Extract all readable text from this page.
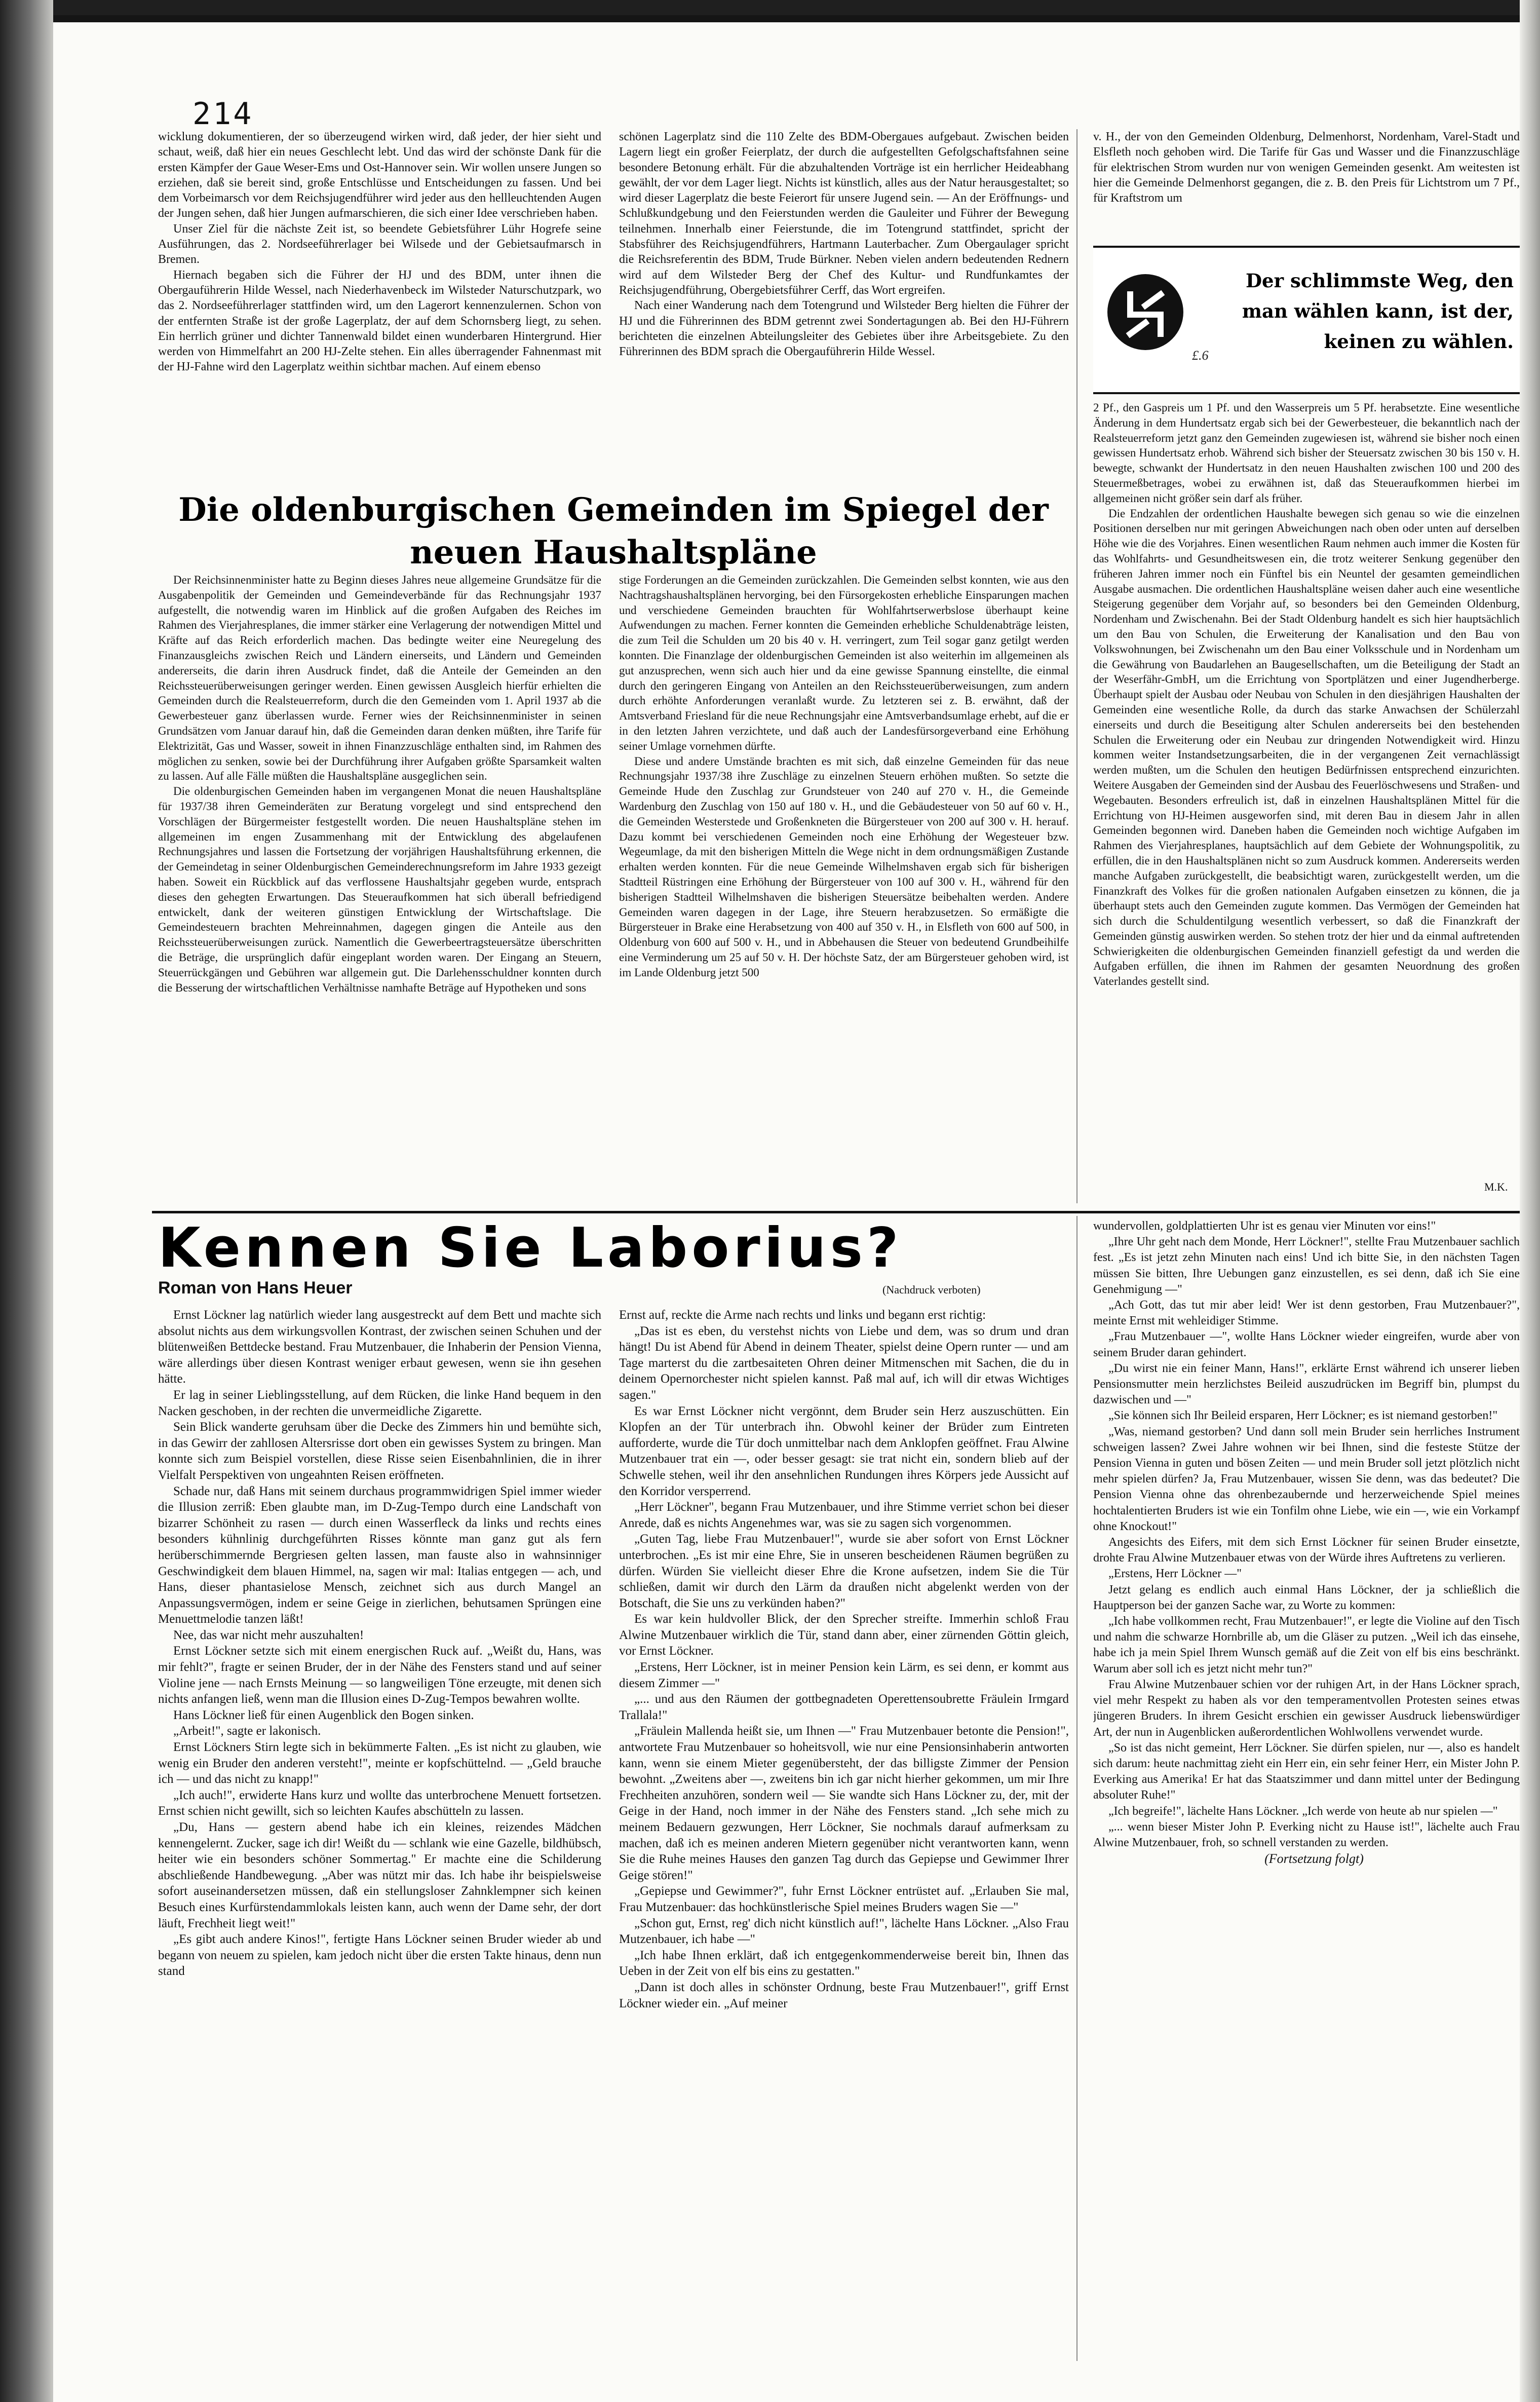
214

wicklung dokumentieren, der so überzeugend wirken wird, daß jeder, der hier sieht und schaut, weiß, daß hier ein neues Geschlecht lebt. Und das wird der schönste Dank für die ersten Kämpfer der Gaue Weser-Ems und Ost-Hannover sein. Wir wollen unsere Jungen so erziehen, daß sie bereit sind, große Entschlüsse und Entscheidungen zu fassen. Und bei dem Vorbeimarsch vor dem Reichsjugendführer wird jeder aus den hellleuchtenden Augen der Jungen sehen, daß hier Jungen aufmarschieren, die sich einer Idee verschrieben haben.

Unser Ziel für die nächste Zeit ist, so beendete Gebietsführer Lühr Hogrefe seine Ausführungen, das 2. Nordseeführerlager bei Wilsede und der Gebietsaufmarsch in Bremen.

Hiernach begaben sich die Führer der HJ und des BDM, unter ihnen die Obergauführerin Hilde Wessel, nach Niederhavenbeck im Wilsteder Naturschutzpark, wo das 2. Nordseeführerlager stattfinden wird, um den Lagerort kennenzulernen. Schon von der entfernten Straße ist der große Lagerplatz, der auf dem Schornsberg liegt, zu sehen. Ein herrlich grüner und dichter Tannenwald bildet einen wunderbaren Hintergrund. Hier werden von Himmelfahrt an 200 HJ-Zelte stehen. Ein alles überragender Fahnenmast mit der HJ-Fahne wird den Lagerplatz weithin sichtbar machen. Auf einem ebenso

schönen Lagerplatz sind die 110 Zelte des BDM-Obergaues aufgebaut. Zwischen beiden Lagern liegt ein großer Feierplatz, der durch die aufgestellten Gefolgschaftsfahnen seine besondere Betonung erhält. Für die abzuhaltenden Vorträge ist ein herrlicher Heideabhang gewählt, der vor dem Lager liegt. Nichts ist künstlich, alles aus der Natur herausgestaltet; so wird dieser Lagerplatz die beste Feierort für unsere Jugend sein. — An der Eröffnungs- und Schlußkundgebung und den Feierstunden werden die Gauleiter und Führer der Bewegung teilnehmen. Innerhalb einer Feierstunde, die im Totengrund stattfindet, spricht der Stabsführer des Reichsjugendführers, Hartmann Lauterbacher. Zum Obergaulager spricht die Reichsreferentin des BDM, Trude Bürkner. Neben vielen andern bedeutenden Rednern wird auf dem Wilsteder Berg der Chef des Kultur- und Rundfunkamtes der Reichsjugendführung, Obergebietsführer Cerff, das Wort ergreifen.

Nach einer Wanderung nach dem Totengrund und Wilsteder Berg hielten die Führer der HJ und die Führerinnen des BDM getrennt zwei Sondertagungen ab. Bei den HJ-Führern berichteten die einzelnen Abteilungsleiter des Gebietes über ihre Arbeitsgebiete. Zu den Führerinnen des BDM sprach die Obergauführerin Hilde Wessel.

v. H., der von den Gemeinden Oldenburg, Delmenhorst, Nordenham, Varel-Stadt und Elsfleth noch gehoben wird. Die Tarife für Gas und Wasser und die Finanzzuschläge für elektrischen Strom wurden nur von wenigen Gemeinden gesenkt. Am weitesten ist hier die Gemeinde Delmenhorst gegangen, die z. B. den Preis für Lichtstrom um 7 Pf., für Kraftstrom um

Der schlimmste Weg, den man wählen kann, ist der, keinen zu wählen.
£.6
Die oldenburgischen Gemeinden im Spiegel der neuen Haushaltspläne

Der Reichsinnenminister hatte zu Beginn dieses Jahres neue allgemeine Grundsätze für die Ausgabenpolitik der Gemeinden und Gemeindeverbände für das Rechnungsjahr 1937 aufgestellt, die notwendig waren im Hinblick auf die großen Aufgaben des Reiches im Rahmen des Vierjahresplanes, die immer stärker eine Verlagerung der notwendigen Mittel und Kräfte auf das Reich erforderlich machen. Das bedingte weiter eine Neuregelung des Finanzausgleichs zwischen Reich und Ländern einerseits, und Ländern und Gemeinden andererseits, die darin ihren Ausdruck findet, daß die Anteile der Gemeinden an den Reichssteuerüberweisungen geringer werden. Einen gewissen Ausgleich hierfür erhielten die Gemeinden durch die Realsteuerreform, durch die den Gemeinden vom 1. April 1937 ab die Gewerbesteuer ganz überlassen wurde. Ferner wies der Reichsinnenminister in seinen Grundsätzen vom Januar darauf hin, daß die Gemeinden daran denken müßten, ihre Tarife für Elektrizität, Gas und Wasser, soweit in ihnen Finanzzuschläge enthalten sind, im Rahmen des möglichen zu senken, sowie bei der Durchführung ihrer Aufgaben größte Sparsamkeit walten zu lassen. Auf alle Fälle müßten die Haushaltspläne ausgeglichen sein.

Die oldenburgischen Gemeinden haben im vergangenen Monat die neuen Haushaltspläne für 1937/38 ihren Gemeinderäten zur Beratung vorgelegt und sind entsprechend den Vorschlägen der Bürgermeister festgestellt worden. Die neuen Haushaltspläne stehen im allgemeinen im engen Zusammenhang mit der Entwicklung des abgelaufenen Rechnungsjahres und lassen die Fortsetzung der vorjährigen Haushaltsführung erkennen, die der Gemeindetag in seiner Oldenburgischen Gemeinderechnungsreform im Jahre 1933 gezeigt haben. Soweit ein Rückblick auf das verflossene Haushaltsjahr gegeben wurde, entsprach dieses den gehegten Erwartungen. Das Steueraufkommen hat sich überall befriedigend entwickelt, dank der weiteren günstigen Entwicklung der Wirtschaftslage. Die Gemeindesteuern brachten Mehreinnahmen, dagegen gingen die Anteile aus den Reichssteuerüberweisungen zurück. Namentlich die Gewerbeertragsteuersätze überschritten die Beträge, die ursprünglich dafür eingeplant worden waren. Der Eingang an Steuern, Steuerrückgängen und Gebühren war allgemein gut. Die Darlehensschuldner konnten durch die Besserung der wirtschaftlichen Verhältnisse namhafte Beträge auf Hypotheken und sons

stige Forderungen an die Gemeinden zurückzahlen. Die Gemeinden selbst konnten, wie aus den Nachtragshaushaltsplänen hervorging, bei den Fürsorgekosten erhebliche Einsparungen machen und verschiedene Gemeinden brauchten für Wohlfahrtserwerbslose überhaupt keine Aufwendungen zu machen. Ferner konnten die Gemeinden erhebliche Schuldenabträge leisten, die zum Teil die Schulden um 20 bis 40 v. H. verringert, zum Teil sogar ganz getilgt werden konnten. Die Finanzlage der oldenburgischen Gemeinden ist also weiterhin im allgemeinen als gut anzusprechen, wenn sich auch hier und da eine gewisse Spannung einstellte, die einmal durch den geringeren Eingang von Anteilen an den Reichssteuerüberweisungen, zum andern durch erhöhte Anforderungen veranlaßt wurde. Zu letzteren sei z. B. erwähnt, daß der Amtsverband Friesland für die neue Rechnungsjahr eine Amtsverbandsumlage erhebt, auf die er in den letzten Jahren verzichtete, und daß auch der Landesfürsorgeverband eine Erhöhung seiner Umlage vornehmen dürfte.

Diese und andere Umstände brachten es mit sich, daß einzelne Gemeinden für das neue Rechnungsjahr 1937/38 ihre Zuschläge zu einzelnen Steuern erhöhen mußten. So setzte die Gemeinde Hude den Zuschlag zur Grundsteuer von 240 auf 270 v. H., die Gemeinde Wardenburg den Zuschlag von 150 auf 180 v. H., und die Gebäudesteuer von 50 auf 60 v. H., die Gemeinden Westerstede und Großenkneten die Bürgersteuer von 200 auf 300 v. H. herauf. Dazu kommt bei verschiedenen Gemeinden noch eine Erhöhung der Wegesteuer bzw. Wegeumlage, da mit den bisherigen Mitteln die Wege nicht in dem ordnungsmäßigen Zustande erhalten werden konnten. Für die neue Gemeinde Wilhelmshaven ergab sich für bisherigen Stadtteil Rüstringen eine Erhöhung der Bürgersteuer von 100 auf 300 v. H., während für den bisherigen Stadtteil Wilhelmshaven die bisherigen Steuersätze beibehalten werden. Andere Gemeinden waren dagegen in der Lage, ihre Steuern herabzusetzen. So ermäßigte die Bürgersteuer in Brake eine Herabsetzung von 400 auf 350 v. H., in Elsfleth von 600 auf 500, in Oldenburg von 600 auf 500 v. H., und in Abbehausen die Steuer von bedeutend Grundbeihilfe eine Verminderung um 25 auf 50 v. H. Der höchste Satz, der am Bürgersteuer gehoben wird, ist im Lande Oldenburg jetzt 500

2 Pf., den Gaspreis um 1 Pf. und den Wasserpreis um 5 Pf. herabsetzte. Eine wesentliche Änderung in dem Hundertsatz ergab sich bei der Gewerbesteuer, die bekanntlich nach der Realsteuerreform jetzt ganz den Gemeinden zugewiesen ist, während sie bisher noch einen gewissen Hundertsatz erhob. Während sich bisher der Steuersatz zwischen 30 bis 150 v. H. bewegte, schwankt der Hundertsatz in den neuen Haushalten zwischen 100 und 200 des Steuermeßbetrages, wobei zu erwähnen ist, daß das Steueraufkommen hierbei im allgemeinen nicht größer sein darf als früher.

Die Endzahlen der ordentlichen Haushalte bewegen sich genau so wie die einzelnen Positionen derselben nur mit geringen Abweichungen nach oben oder unten auf derselben Höhe wie die des Vorjahres. Einen wesentlichen Raum nehmen auch immer die Kosten für das Wohlfahrts- und Gesundheitswesen ein, die trotz weiterer Senkung gegenüber den früheren Jahren immer noch ein Fünftel bis ein Neuntel der gesamten gemeindlichen Ausgabe ausmachen. Die ordentlichen Haushaltspläne weisen daher auch eine wesentliche Steigerung gegenüber dem Vorjahr auf, so besonders bei den Gemeinden Oldenburg, Nordenham und Zwischenahn. Bei der Stadt Oldenburg handelt es sich hier hauptsächlich um den Bau von Schulen, die Erweiterung der Kanalisation und den Bau von Volkswohnungen, bei Zwischenahn um den Bau einer Volksschule und in Nordenham um die Gewährung von Baudarlehen an Baugesellschaften, um die Beteiligung der Stadt an der Weserfähr-GmbH, um die Errichtung von Sportplätzen und einer Jugendherberge. Überhaupt spielt der Ausbau oder Neubau von Schulen in den diesjährigen Haushalten der Gemeinden eine wesentliche Rolle, da durch das starke Anwachsen der Schülerzahl einerseits und durch die Beseitigung alter Schulen andererseits bei den bestehenden Schulen die Erweiterung oder ein Neubau zur dringenden Notwendigkeit wird. Hinzu kommen weiter Instandsetzungsarbeiten, die in der vergangenen Zeit vernachlässigt werden mußten, um die Schulen den heutigen Bedürfnissen entsprechend einzurichten. Weitere Ausgaben der Gemeinden sind der Ausbau des Feuerlöschwesens und Straßen- und Wegebauten. Besonders erfreulich ist, daß in einzelnen Haushaltsplänen Mittel für die Errichtung von HJ-Heimen ausgeworfen sind, mit deren Bau in diesem Jahr in allen Gemeinden begonnen wird. Daneben haben die Gemeinden noch wichtige Aufgaben im Rahmen des Vierjahresplanes, hauptsächlich auf dem Gebiete der Wohnungspolitik, zu erfüllen, die in den Haushaltsplänen nicht so zum Ausdruck kommen. Andererseits werden manche Aufgaben zurückgestellt, die beabsichtigt waren, zurückgestellt werden, um die Finanzkraft des Volkes für die großen nationalen Aufgaben einsetzen zu können, die ja überhaupt stets auch den Gemeinden zugute kommen. Das Vermögen der Gemeinden hat sich durch die Schuldentilgung wesentlich verbessert, so daß die Finanzkraft der Gemeinden günstig auswirken werden. So stehen trotz der hier und da einmal auftretenden Schwierigkeiten die oldenburgischen Gemeinden finanziell gefestigt da und werden die Aufgaben erfüllen, die ihnen im Rahmen der gesamten Neuordnung des großen Vaterlandes gestellt sind.

M.K.
Kennen Sie Laborius?
Roman von Hans Heuer	(Nachdruck verboten)

Ernst Löckner lag natürlich wieder lang ausgestreckt auf dem Bett und machte sich absolut nichts aus dem wirkungsvollen Kontrast, der zwischen seinen Schuhen und der blütenweißen Bettdecke bestand. Frau Mutzenbauer, die Inhaberin der Pension Vienna, wäre allerdings über diesen Kontrast weniger erbaut gewesen, wenn sie ihn gesehen hätte.

Er lag in seiner Lieblingsstellung, auf dem Rücken, die linke Hand bequem in den Nacken geschoben, in der rechten die unvermeidliche Zigarette.

Sein Blick wanderte geruhsam über die Decke des Zimmers hin und bemühte sich, in das Gewirr der zahllosen Altersrisse dort oben ein gewisses System zu bringen. Man konnte sich zum Beispiel vorstellen, diese Risse seien Eisenbahnlinien, die in ihrer Vielfalt Perspektiven von ungeahnten Reisen eröffneten.

Schade nur, daß Hans mit seinem durchaus programmwidrigen Spiel immer wieder die Illusion zerriß: Eben glaubte man, im D-Zug-Tempo durch eine Landschaft von bizarrer Schönheit zu rasen — durch einen Wasserfleck da links und rechts eines besonders kühnlinig durchgeführten Risses könnte man ganz gut als fern herüberschimmernde Bergriesen gelten lassen, man fauste also in wahnsinniger Geschwindigkeit dem blauen Himmel, na, sagen wir mal: Italias entgegen — ach, und Hans, dieser phantasielose Mensch, zeichnet sich aus durch Mangel an Anpassungsvermögen, indem er seine Geige in zierlichen, behutsamen Sprüngen eine Menuettmelodie tanzen läßt!

Nee, das war nicht mehr auszuhalten!

Ernst Löckner setzte sich mit einem energischen Ruck auf. „Weißt du, Hans, was mir fehlt?", fragte er seinen Bruder, der in der Nähe des Fensters stand und auf seiner Violine jene — nach Ernsts Meinung — so langweiligen Töne erzeugte, mit denen sich nichts anfangen ließ, wenn man die Illusion eines D-Zug-Tempos bewahren wollte.

Hans Löckner ließ für einen Augenblick den Bogen sinken.

„Arbeit!", sagte er lakonisch.

Ernst Löckners Stirn legte sich in bekümmerte Falten. „Es ist nicht zu glauben, wie wenig ein Bruder den anderen versteht!", meinte er kopfschüttelnd. — „Geld brauche ich — und das nicht zu knapp!"

„Ich auch!", erwiderte Hans kurz und wollte das unterbrochene Menuett fortsetzen. Ernst schien nicht gewillt, sich so leichten Kaufes abschütteln zu lassen.

„Du, Hans — gestern abend habe ich ein kleines, reizendes Mädchen kennengelernt. Zucker, sage ich dir! Weißt du — schlank wie eine Gazelle, bildhübsch, heiter wie ein besonders schöner Sommertag." Er machte eine die Schilderung abschließende Handbewegung. „Aber was nützt mir das. Ich habe ihr beispielsweise sofort auseinandersetzen müssen, daß ein stellungsloser Zahnklempner sich keinen Besuch eines Kurfürstendammlokals leisten kann, auch wenn der Dame sehr, der dort läuft, Frechheit liegt weit!"

„Es gibt auch andere Kinos!", fertigte Hans Löckner seinen Bruder wieder ab und begann von neuem zu spielen, kam jedoch nicht über die ersten Takte hinaus, denn nun stand

Ernst auf, reckte die Arme nach rechts und links und begann erst richtig:

„Das ist es eben, du verstehst nichts von Liebe und dem, was so drum und dran hängt! Du ist Abend für Abend in deinem Theater, spielst deine Opern runter — und am Tage marterst du die zartbesaiteten Ohren deiner Mitmenschen mit Sachen, die du in deinem Opernorchester nicht spielen kannst. Paß mal auf, ich will dir etwas Wichtiges sagen."

Es war Ernst Löckner nicht vergönnt, dem Bruder sein Herz auszuschütten. Ein Klopfen an der Tür unterbrach ihn. Obwohl keiner der Brüder zum Eintreten aufforderte, wurde die Tür doch unmittelbar nach dem Anklopfen geöffnet. Frau Alwine Mutzenbauer trat ein —, oder besser gesagt: sie trat nicht ein, sondern blieb auf der Schwelle stehen, weil ihr den ansehnlichen Rundungen ihres Körpers jede Aussicht auf den Korridor versperrend.

„Herr Löckner", begann Frau Mutzenbauer, und ihre Stimme verriet schon bei dieser Anrede, daß es nichts Angenehmes war, was sie zu sagen sich vorgenommen.

„Guten Tag, liebe Frau Mutzenbauer!", wurde sie aber sofort von Ernst Löckner unterbrochen. „Es ist mir eine Ehre, Sie in unseren bescheidenen Räumen begrüßen zu dürfen. Würden Sie vielleicht dieser Ehre die Krone aufsetzen, indem Sie die Tür schließen, damit wir durch den Lärm da draußen nicht abgelenkt werden von der Botschaft, die Sie uns zu verkünden haben?"

Es war kein huldvoller Blick, der den Sprecher streifte. Immerhin schloß Frau Alwine Mutzenbauer wirklich die Tür, stand dann aber, einer zürnenden Göttin gleich, vor Ernst Löckner.

„Erstens, Herr Löckner, ist in meiner Pension kein Lärm, es sei denn, er kommt aus diesem Zimmer —"

„... und aus den Räumen der gottbegnadeten Operettensoubrette Fräulein Irmgard Trallala!"

„Fräulein Mallenda heißt sie, um Ihnen —" Frau Mutzenbauer betonte die Pension!", antwortete Frau Mutzenbauer so hoheitsvoll, wie nur eine Pensionsinhaberin antworten kann, wenn sie einem Mieter gegenübersteht, der das billigste Zimmer der Pension bewohnt. „Zweitens aber —, zweitens bin ich gar nicht hierher gekommen, um mir Ihre Frechheiten anzuhören, sondern weil — Sie wandte sich Hans Löckner zu, der, mit der Geige in der Hand, noch immer in der Nähe des Fensters stand. „Ich sehe mich zu meinem Bedauern gezwungen, Herr Löckner, Sie nochmals darauf aufmerksam zu machen, daß ich es meinen anderen Mietern gegenüber nicht verantworten kann, wenn Sie die Ruhe meines Hauses den ganzen Tag durch das Gepiepse und Gewimmer Ihrer Geige stören!"

„Gepiepse und Gewimmer?", fuhr Ernst Löckner entrüstet auf. „Erlauben Sie mal, Frau Mutzenbauer: das hochkünstlerische Spiel meines Bruders wagen Sie —"

„Schon gut, Ernst, reg' dich nicht künstlich auf!", lächelte Hans Löckner. „Also Frau Mutzenbauer, ich habe —"

„Ich habe Ihnen erklärt, daß ich entgegenkommenderweise bereit bin, Ihnen das Ueben in der Zeit von elf bis eins zu gestatten."

„Dann ist doch alles in schönster Ordnung, beste Frau Mutzenbauer!", griff Ernst Löckner wieder ein. „Auf meiner

wundervollen, goldplattierten Uhr ist es genau vier Minuten vor eins!"

„Ihre Uhr geht nach dem Monde, Herr Löckner!", stellte Frau Mutzenbauer sachlich fest. „Es ist jetzt zehn Minuten nach eins! Und ich bitte Sie, in den nächsten Tagen müssen Sie bitten, Ihre Uebungen ganz einzustellen, es sei denn, daß ich Sie eine Genehmigung —"

„Ach Gott, das tut mir aber leid! Wer ist denn gestorben, Frau Mutzenbauer?", meinte Ernst mit wehleidiger Stimme.

„Frau Mutzenbauer —", wollte Hans Löckner wieder eingreifen, wurde aber von seinem Bruder daran gehindert.

„Du wirst nie ein feiner Mann, Hans!", erklärte Ernst während ich unserer lieben Pensionsmutter mein herzlichstes Beileid auszudrücken im Begriff bin, plumpst du dazwischen und —"

„Sie können sich Ihr Beileid ersparen, Herr Löckner; es ist niemand gestorben!"

„Was, niemand gestorben? Und dann soll mein Bruder sein herrliches Instrument schweigen lassen? Zwei Jahre wohnen wir bei Ihnen, sind die festeste Stütze der Pension Vienna in guten und bösen Zeiten — und mein Bruder soll jetzt plötzlich nicht mehr spielen dürfen? Ja, Frau Mutzenbauer, wissen Sie denn, was das bedeutet? Die Pension Vienna ohne das ohrenbezaubernde und herzerweichende Spiel meines hochtalentierten Bruders ist wie ein Tonfilm ohne Liebe, wie ein —, wie ein Vorkampf ohne Knockout!"

Angesichts des Eifers, mit dem sich Ernst Löckner für seinen Bruder einsetzte, drohte Frau Alwine Mutzenbauer etwas von der Würde ihres Auftretens zu verlieren.

„Erstens, Herr Löckner —"

Jetzt gelang es endlich auch einmal Hans Löckner, der ja schließlich die Hauptperson bei der ganzen Sache war, zu Worte zu kommen:

„Ich habe vollkommen recht, Frau Mutzenbauer!", er legte die Violine auf den Tisch und nahm die schwarze Hornbrille ab, um die Gläser zu putzen. „Weil ich das einsehe, habe ich ja mein Spiel Ihrem Wunsch gemäß auf die Zeit von elf bis eins beschränkt. Warum aber soll ich es jetzt nicht mehr tun?"

Frau Alwine Mutzenbauer schien vor der ruhigen Art, in der Hans Löckner sprach, viel mehr Respekt zu haben als vor den temperamentvollen Protesten seines etwas jüngeren Bruders. In ihrem Gesicht erschien ein gewisser Ausdruck liebenswürdiger Art, der nun in Augenblicken außerordentlichen Wohlwollens verwendet wurde.

„So ist das nicht gemeint, Herr Löckner. Sie dürfen spielen, nur —, also es handelt sich darum: heute nachmittag zieht ein Herr ein, ein sehr feiner Herr, ein Mister John P. Everking aus Amerika! Er hat das Staatszimmer und dann mittel unter der Bedingung absoluter Ruhe!"

„Ich begreife!", lächelte Hans Löckner. „Ich werde von heute ab nur spielen —"

„... wenn bieser Mister John P. Everking nicht zu Hause ist!", lächelte auch Frau Alwine Mutzenbauer, froh, so schnell verstanden zu werden.

(Fortsetzung folgt)
